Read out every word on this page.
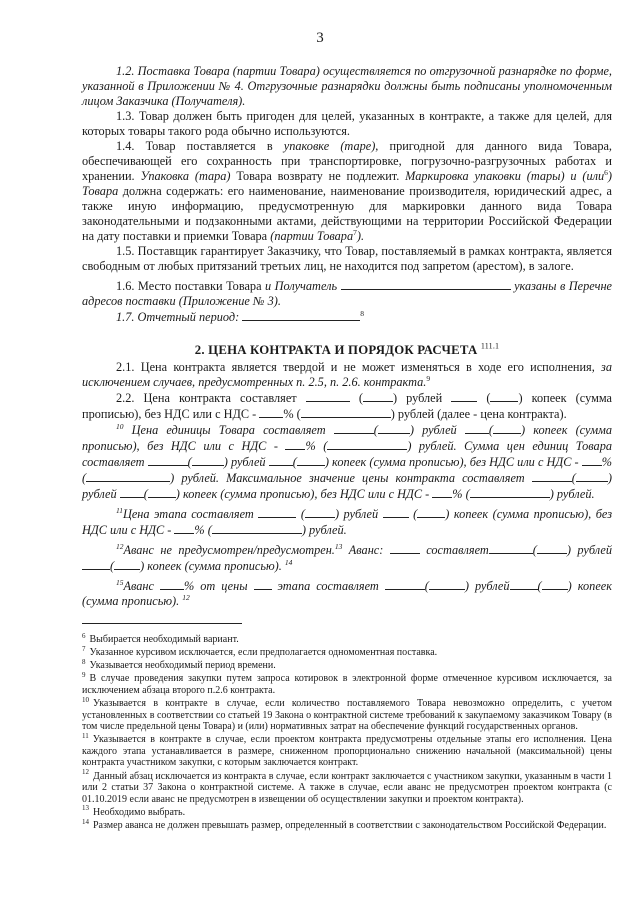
3

1.2. Поставка Товара (партии Товара) осуществляется по отгрузочной разнарядке по форме, указанной в Приложении № 4. Отгрузочные разнарядки должны быть подписаны уполномоченным лицом Заказчика (Получателя).

1.3. Товар должен быть пригоден для целей, указанных в контракте, а также для целей, для которых товары такого рода обычно используются.

1.4. Товар поставляется в упаковке (таре), пригодной для данного вида Товара, обеспечивающей его сохранность при транспортировке, погрузочно-разгрузочных работах и хранении. Упаковка (тара) Товара возврату не подлежит. Маркировка упаковки (тары) и (или$^6$) Товара должна содержать: его наименование, наименование производителя, юридический адрес, а также иную информацию, предусмотренную для маркировки данного вида Товара законодательными и подзаконными актами, действующими на территории Российской Федерации на дату поставки и приемки Товара (партии Товара$^7$).

1.5. Поставщик гарантирует Заказчику, что Товар, поставляемый в рамках контракта, является свободным от любых притязаний третьих лиц, не находится под запретом (арестом), в залоге.

1.6. Место поставки Товара и Получатель	указаны в Перечне адресов поставки (Приложение № 3).

1.7. Отчетный период:	$^8$

2. ЦЕНА КОНТРАКТА И ПОРЯДОК РАСЧЕТА $^{111.1}$

2.1. Цена контракта является твердой и не может изменяться в ходе его исполнения, за исключением случаев, предусмотренных п. 2.5, п. 2.6. контракта.$^9$

2.2. Цена контракта составляет	( ) рублей	( ) копеек (сумма прописью), без НДС или с НДС - % (	) рублей (далее - цена контракта).

$^{10}$ Цена единицы Товара составляет	(	) рублей	( ) копеек (сумма прописью), без НДС или с НДС - % (	) рублей. Сумма цен единиц Товара составляет	(	) рублей ( ) копеек (сумма прописью), без НДС или с НДС - % (	) рублей. Максимальное значение цены контракта составляет	(	) рублей ( ) копеек (сумма прописью), без НДС или с НДС - % (	) рублей.

$^{11}$Цена этапа составляет	( ) рублей  ( ) копеек (сумма прописью), без НДС или с НДС - % (	) рублей.

$^{12}$Аванс не предусмотрен/предусмотрен.$^{13}$ Аванс:	составляет	( ) рублей( ) копеек (сумма прописью). $^{14}$

$^{15}$Аванс % от цены этапа составляет	(	) рублей ( ) копеек (сумма прописью). $^{12}$

$^6$ Выбирается необходимый вариант.

$^7$ Указанное курсивом исключается, если предполагается одномоментная поставка.

$^8$ Указывается необходимый период времени.

$^9$ В случае проведения закупки путем запроса котировок в электронной форме отмеченное курсивом исключается, за исключением абзаца второго п.2.6 контракта.

$^{10}$ Указывается в контракте в случае, если количество поставляемого Товара невозможно определить, с учетом установленных в соответствии со статьей 19 Закона о контрактной системе требований к закупаемому заказчиком Товару (в том числе предельной цены Товара) и (или) нормативных затрат на обеспечение функций государственных органов.

$^{11}$ Указывается в контракте в случае, если проектом контракта предусмотрены отдельные этапы его исполнения. Цена каждого этапа устанавливается в размере, сниженном пропорционально снижению начальной (максимальной) цены контракта участником закупки, с которым заключается контракт.

$^{12}$ Данный абзац исключается из контракта в случае, если контракт заключается с участником закупки, указанным в части 1 или 2 статьи 37 Закона о контрактной системе. А также в случае, если аванс не предусмотрен проектом контракта (с 01.10.2019 если аванс не предусмотрен в извещении об осуществлении закупки и проектом контракта).

$^{13}$ Необходимо выбрать.

$^{14}$ Размер аванса не должен превышать размер, определенный в соответствии с законодательством Российской Федерации.
